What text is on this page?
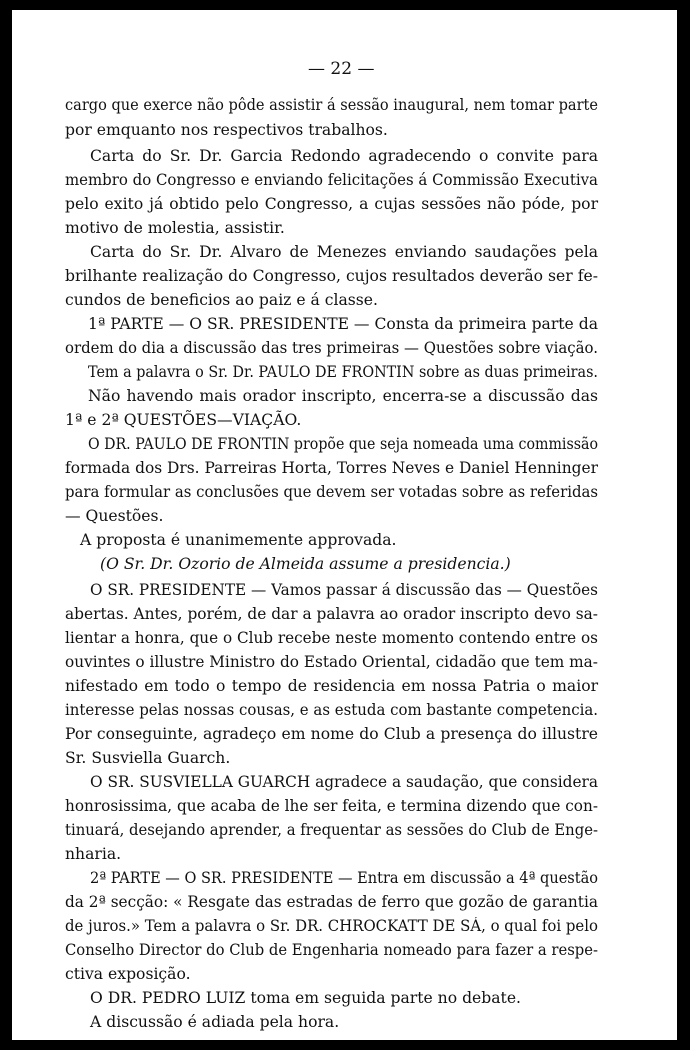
— 22 —
cargo que exerce não pôde assistir á sessão inaugural, nem tomar parte
por emquanto nos respectivos trabalhos.
Carta do Sr. Dr. Garcia Redondo agradecendo o convite para
membro do Congresso e enviando felicitações á Commissão Executiva
pelo exito já obtido pelo Congresso, a cujas sessões não póde, por
motivo de molestia, assistir.
Carta do Sr. Dr. Alvaro de Menezes enviando saudações pela
brilhante realização do Congresso, cujos resultados deverão ser fe-
cundos de beneficios ao paiz e á classe.
1ª PARTE — O SR. PRESIDENTE — Consta da primeira parte da
ordem do dia a discussão das tres primeiras — Questões sobre viação.
Tem a palavra o Sr. Dr. PAULO DE FRONTIN sobre as duas primeiras.
Não havendo mais orador inscripto, encerra-se a discussão das
1ª e 2ª QUESTÕES—VIAÇÃO.
O DR. PAULO DE FRONTIN propõe que seja nomeada uma commissão
formada dos Drs. Parreiras Horta, Torres Neves e Daniel Henninger
para formular as conclusões que devem ser votadas sobre as referidas
— Questões.
A proposta é unanimemente approvada.
(O Sr. Dr. Ozorio de Almeida assume a presidencia.)
O SR. PRESIDENTE — Vamos passar á discussão das — Questões
abertas. Antes, porém, de dar a palavra ao orador inscripto devo sa-
lientar a honra, que o Club recebe neste momento contendo entre os
ouvintes o illustre Ministro do Estado Oriental, cidadão que tem ma-
nifestado em todo o tempo de residencia em nossa Patria o maior
interesse pelas nossas cousas, e as estuda com bastante competencia.
Por conseguinte, agradeço em nome do Club a presença do illustre
Sr. Susviella Guarch.
O SR. SUSVIELLA GUARCH agradece a saudação, que considera
honrosissima, que acaba de lhe ser feita, e termina dizendo que con-
tinuará, desejando aprender, a frequentar as sessões do Club de Enge-
nharia.
2ª PARTE — O SR. PRESIDENTE — Entra em discussão a 4ª questão
da 2ª secção: « Resgate das estradas de ferro que gozão de garantia
de juros.» Tem a palavra o Sr. DR. CHROCKATT DE SÁ, o qual foi pelo
Conselho Director do Club de Engenharia nomeado para fazer a respe-
ctiva exposição.
O DR. PEDRO LUIZ toma em seguida parte no debate.
A discussão é adiada pela hora.
